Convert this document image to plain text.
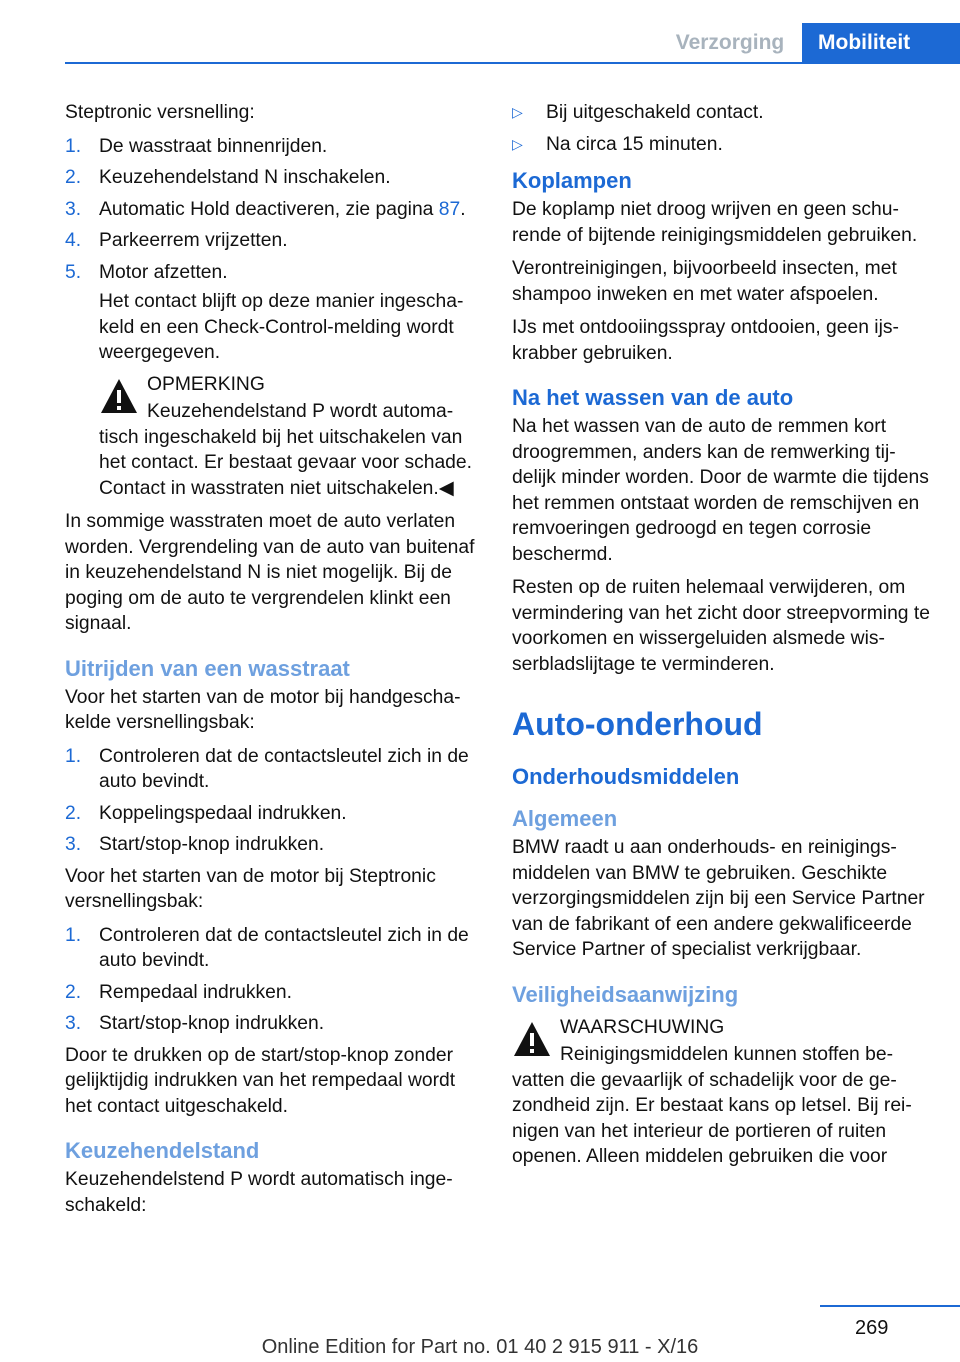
Verzorging	Mobiliteit

Steptronic versnelling:

1. De wasstraat binnenrijden.
2. Keuzehendelstand N inschakelen.
3. Automatic Hold deactiveren, zie pagina 87.
4. Parkeerrem vrijzetten.
5. Motor afzetten.
Het contact blijft op deze manier ingeschakeld en een Check-Control-melding wordt weergegeven.
OPMERKING
Keuzehendelstand P wordt automatisch ingeschakeld bij het uitschakelen van het contact. Er bestaat gevaar voor schade. Contact in wasstraten niet uitschakelen.◀

In sommige wasstraten moet de auto verlaten worden. Vergrendeling van de auto van buitenaf in keuzehendelstand N is niet mogelijk. Bij de poging om de auto te vergrendelen klinkt een signaal.

Uitrijden van een wasstraat

Voor het starten van de motor bij handgeschakelde versnellingsbak:

1. Controleren dat de contactsleutel zich in de auto bevindt.
2. Koppelingspedaal indrukken.
3. Start/stop-knop indrukken.

Voor het starten van de motor bij Steptronic versnellingsbak:

1. Controleren dat de contactsleutel zich in de auto bevindt.
2. Rempedaal indrukken.
3. Start/stop-knop indrukken.

Door te drukken op de start/stop-knop zonder gelijktijdig indrukken van het rempedaal wordt het contact uitgeschakeld.

Keuzehendelstand

Keuzehendelstend P wordt automatisch ingeschakeld:

▷ Bij uitgeschakeld contact.
▷ Na circa 15 minuten.
Koplampen

De koplamp niet droog wrijven en geen schurende of bijtende reinigingsmiddelen gebruiken.

Verontreinigingen, bijvoorbeeld insecten, met shampoo inweken en met water afspoelen.

IJs met ontdooiingsspray ontdooien, geen ijskrabber gebruiken.

Na het wassen van de auto

Na het wassen van de auto de remmen kort droogremmen, anders kan de remwerking tijdelijk minder worden. Door de warmte die tijdens het remmen ontstaat worden de remschijven en remvoeringen gedroogd en tegen corrosie beschermd.

Resten op de ruiten helemaal verwijderen, om vermindering van het zicht door streepvorming te voorkomen en wissergeluiden alsmede wisserbladslijtage te verminderen.

Auto-onderhoud
Onderhoudsmiddelen
Algemeen

BMW raadt u aan onderhouds- en reinigingsmiddelen van BMW te gebruiken. Geschikte verzorgingsmiddelen zijn bij een Service Partner van de fabrikant of een andere gekwalificeerde Service Partner of specialist verkrijgbaar.

Veiligheidsaanwijzing
WAARSCHUWING
Reinigingsmiddelen kunnen stoffen bevatten die gevaarlijk of schadelijk voor de gezondheid zijn. Er bestaat kans op letsel. Bij reinigen van het interieur de portieren of ruiten openen. Alleen middelen gebruiken die voor
269
Online Edition for Part no. 01 40 2 915 911 - X/16
